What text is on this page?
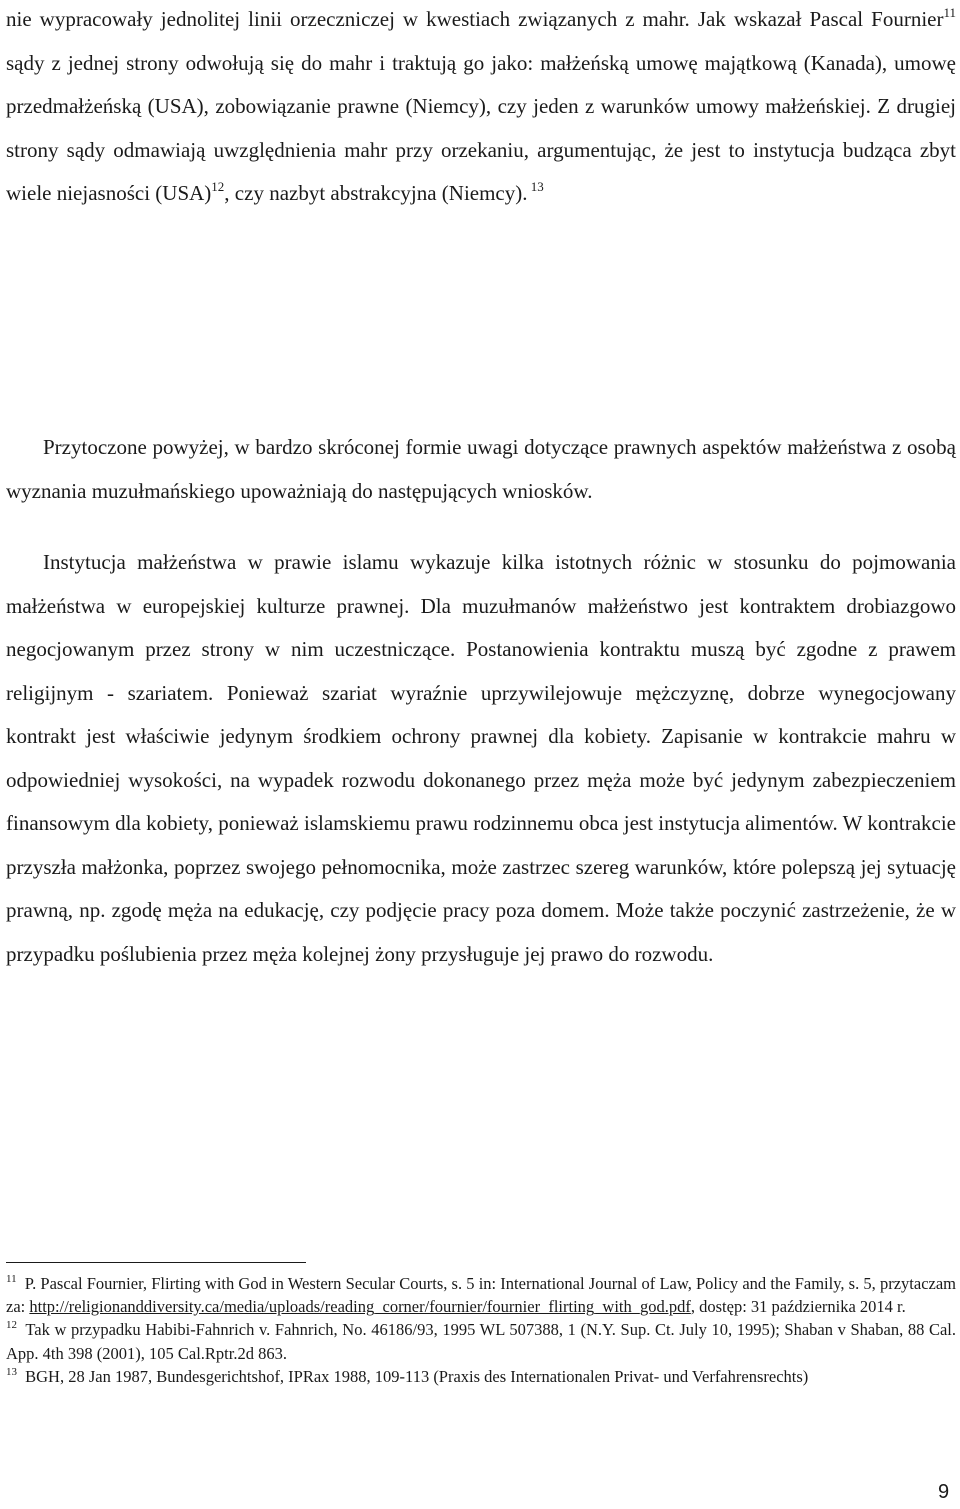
nie wypracowały jednolitej linii orzeczniczej w kwestiach związanych z mahr. Jak wskazał Pascal Fournier$^{11}$ sądy z jednej strony odwołują się do mahr i traktują go jako: małżeńską umowę majątkową (Kanada), umowę przedmałżeńską (USA), zobowiązanie prawne (Niemcy), czy jeden z warunków umowy małżeńskiej. Z drugiej strony sądy odmawiają uwzględnienia mahr przy orzekaniu, argumentując, że jest to instytucja budząca zbyt wiele niejasności (USA)$^{12}$, czy nazbyt abstrakcyjna (Niemcy). $^{13}$

Przytoczone powyżej, w bardzo skróconej formie uwagi dotyczące prawnych aspektów małżeństwa z osobą wyznania muzułmańskiego upoważniają do następujących wniosków.

Instytucja małżeństwa w prawie islamu wykazuje kilka istotnych różnic w stosunku do pojmowania małżeństwa w europejskiej kulturze prawnej. Dla muzułmanów małżeństwo jest kontraktem drobiazgowo negocjowanym przez strony w nim uczestniczące. Postanowienia kontraktu muszą być zgodne z prawem religijnym - szariatem. Ponieważ szariat wyraźnie uprzywilejowuje mężczyznę, dobrze wynegocjowany kontrakt jest właściwie jedynym środkiem ochrony prawnej dla kobiety. Zapisanie w kontrakcie mahru w odpowiedniej wysokości, na wypadek rozwodu dokonanego przez męża może być jedynym zabezpieczeniem finansowym dla kobiety, ponieważ islamskiemu prawu rodzinnemu obca jest instytucja alimentów. W kontrakcie przyszła małżonka, poprzez swojego pełnomocnika, może zastrzec szereg warunków, które polepszą jej sytuację prawną, np. zgodę męża na edukację, czy podjęcie pracy poza domem. Może także poczynić zastrzeżenie, że w przypadku poślubienia przez męża kolejnej żony przysługuje jej prawo do rozwodu.

$^{11}$ P. Pascal Fournier, Flirting with God in Western Secular Courts, s. 5 in: International Journal of Law, Policy and the Family, s. 5, przytaczam za: http://religionanddiversity.ca/media/uploads/reading_corner/fournier/fournier_flirting_with_god.pdf, dostęp: 31 października 2014 r.

$^{12}$ Tak w przypadku Habibi-Fahnrich v. Fahnrich, No. 46186/93, 1995 WL 507388, 1 (N.Y. Sup. Ct. July 10, 1995); Shaban v Shaban, 88 Cal. App. 4th 398 (2001), 105 Cal.Rptr.2d 863.

$^{13}$ BGH, 28 Jan 1987, Bundesgerichtshof, IPRax 1988, 109-113 (Praxis des Internationalen Privat- und Verfahrensrechts)

9
